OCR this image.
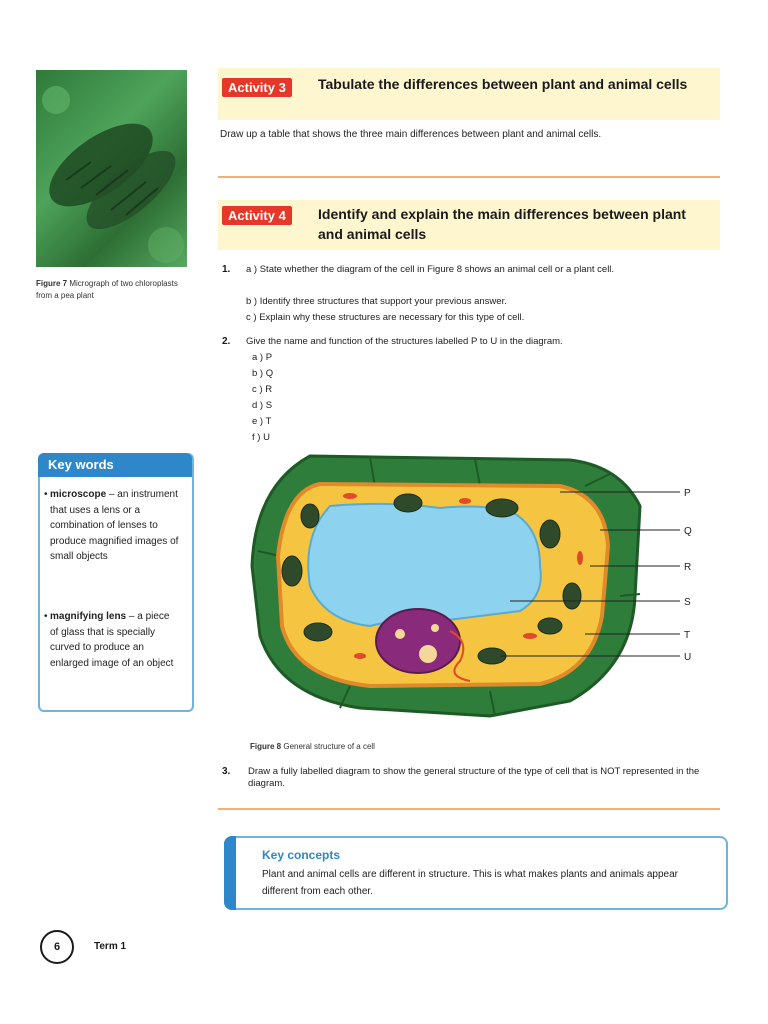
Figure 7 Micrograph of two chloroplasts from a pea plant
Activity 3	Tabulate the differences between plant and animal cells
Draw up a table that shows the three main differences between plant and animal cells.
Activity 4	Identify and explain the main differences between plant and animal cells
1. a ) State whether the diagram of the cell in Figure 8 shows an animal cell or a plant cell.
b ) Identify three structures that support your previous answer.
c ) Explain why these structures are necessary for this type of cell.
2. Give the name and function of the structures labelled P to U in the diagram.
a ) P
b ) Q
c ) R
d ) S
e ) T
f ) U
P
Q
R
S
T
U
Figure 8 General structure of a cell
3. Draw a fully labelled diagram to show the general structure of the type of cell that is NOT represented in the diagram.
Key words
• microscope – an instrument that uses a lens or a combination of lenses to produce magnified images of small objects
• magnifying lens – a piece of glass that is specially curved to produce an enlarged image of an object
Key concepts
Plant and animal cells are different in structure. This is what makes plants and animals appear different from each other.
6	Term 1
